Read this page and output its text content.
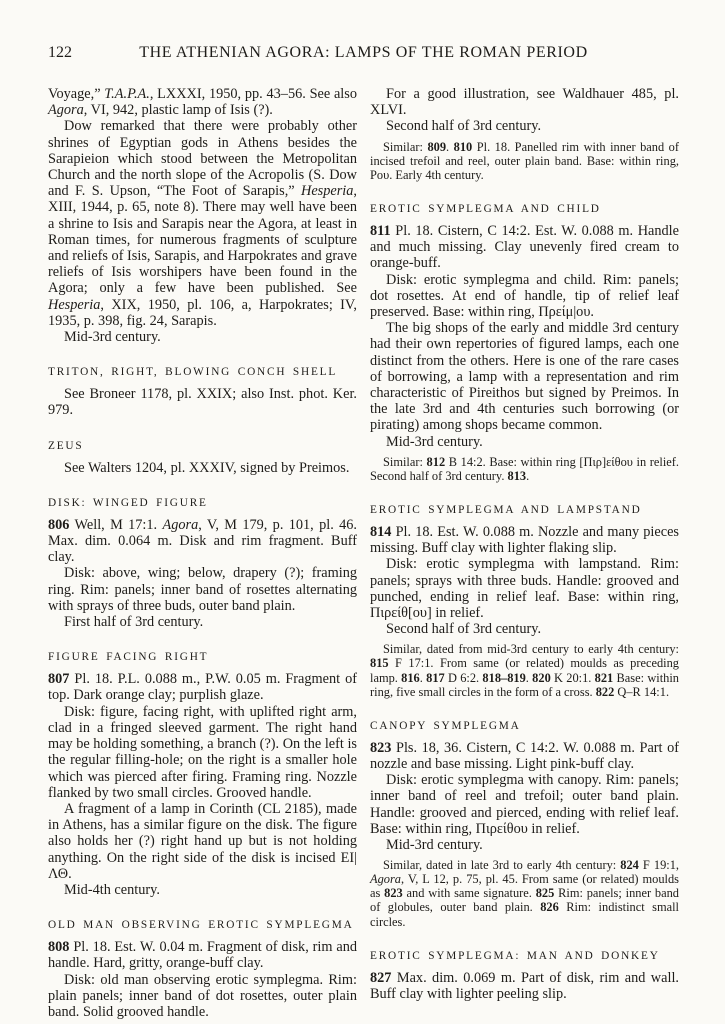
122	THE ATHENIAN AGORA: LAMPS OF THE ROMAN PERIOD

Voyage,” T.A.P.A., LXXXI, 1950, pp. 43–56. See also Agora, VI, 942, plastic lamp of Isis (?).

Dow remarked that there were probably other shrines of Egyptian gods in Athens besides the Sarapieion which stood between the Metropolitan Church and the north slope of the Acropolis (S. Dow and F. S. Upson, “The Foot of Sarapis,” Hesperia, XIII, 1944, p. 65, note 8). There may well have been a shrine to Isis and Sarapis near the Agora, at least in Roman times, for numerous fragments of sculpture and reliefs of Isis, Sarapis, and Harpokrates and grave reliefs of Isis worshipers have been found in the Agora; only a few have been published. See Hesperia, XIX, 1950, pl. 106, a, Harpokrates; IV, 1935, p. 398, fig. 24, Sarapis.

Mid-3rd century.

TRITON, RIGHT, BLOWING CONCH SHELL

See Broneer 1178, pl. XXIX; also Inst. phot. Ker. 979.

ZEUS

See Walters 1204, pl. XXXIV, signed by Preimos.

DISK: WINGED FIGURE

806 Well, M 17:1. Agora, V, M 179, p. 101, pl. 46. Max. dim. 0.064 m. Disk and rim fragment. Buff clay.

Disk: above, wing; below, drapery (?); framing ring. Rim: panels; inner band of rosettes alternating with sprays of three buds, outer band plain.

First half of 3rd century.

FIGURE FACING RIGHT

807 Pl. 18. P.L. 0.088 m., P.W. 0.05 m. Fragment of top. Dark orange clay; purplish glaze.

Disk: figure, facing right, with uplifted right arm, clad in a fringed sleeved garment. The right hand may be holding something, a branch (?). On the left is the regular filling-hole; on the right is a smaller hole which was pierced after firing. Framing ring. Nozzle flanked by two small circles. Grooved handle.

A fragment of a lamp in Corinth (CL 2185), made in Athens, has a similar figure on the disk. The figure also holds her (?) right hand up but is not holding anything. On the right side of the disk is incised ΕΙ|ΛΘ.

Mid-4th century.

OLD MAN OBSERVING EROTIC SYMPLEGMA

808 Pl. 18. Est. W. 0.04 m. Fragment of disk, rim and handle. Hard, gritty, orange-buff clay.

Disk: old man observing erotic symplegma. Rim: plain panels; inner band of dot rosettes, outer plain band. Solid grooved handle.

For a good illustration, see Waldhauer 485, pl. XLVI.

Second half of 3rd century.

Similar: 809. 810 Pl. 18. Panelled rim with inner band of incised trefoil and reel, outer plain band. Base: within ring, Ρου. Early 4th century.

EROTIC SYMPLEGMA AND CHILD

811 Pl. 18. Cistern, C 14:2. Est. W. 0.088 m. Handle and much missing. Clay unevenly fired cream to orange-buff.

Disk: erotic symplegma and child. Rim: panels; dot rosettes. At end of handle, tip of relief leaf preserved. Base: within ring, Πρείμ|ου.

The big shops of the early and middle 3rd century had their own repertories of figured lamps, each one distinct from the others. Here is one of the rare cases of borrowing, a lamp with a representation and rim characteristic of Pireithos but signed by Preimos. In the late 3rd and 4th centuries such borrowing (or pirating) among shops became common.

Mid-3rd century.

Similar: 812 B 14:2. Base: within ring [Πιρ]είθου in relief. Second half of 3rd century. 813.

EROTIC SYMPLEGMA AND LAMPSTAND

814 Pl. 18. Est. W. 0.088 m. Nozzle and many pieces missing. Buff clay with lighter flaking slip.

Disk: erotic symplegma with lampstand. Rim: panels; sprays with three buds. Handle: grooved and punched, ending in relief leaf. Base: within ring, Πιρείθ[ου] in relief.

Second half of 3rd century.

Similar, dated from mid-3rd century to early 4th century: 815 F 17:1. From same (or related) moulds as preceding lamp. 816. 817 D 6:2. 818–819. 820 K 20:1. 821 Base: within ring, five small circles in the form of a cross. 822 Q–R 14:1.

CANOPY SYMPLEGMA

823 Pls. 18, 36. Cistern, C 14:2. W. 0.088 m. Part of nozzle and base missing. Light pink-buff clay.

Disk: erotic symplegma with canopy. Rim: panels; inner band of reel and trefoil; outer band plain. Handle: grooved and pierced, ending with relief leaf. Base: within ring, Πιρείθου in relief.

Mid-3rd century.

Similar, dated in late 3rd to early 4th century: 824 F 19:1, Agora, V, L 12, p. 75, pl. 45. From same (or related) moulds as 823 and with same signature. 825 Rim: panels; inner band of globules, outer band plain. 826 Rim: indistinct small circles.

EROTIC SYMPLEGMA: MAN AND DONKEY

827 Max. dim. 0.069 m. Part of disk, rim and wall. Buff clay with lighter peeling slip.
